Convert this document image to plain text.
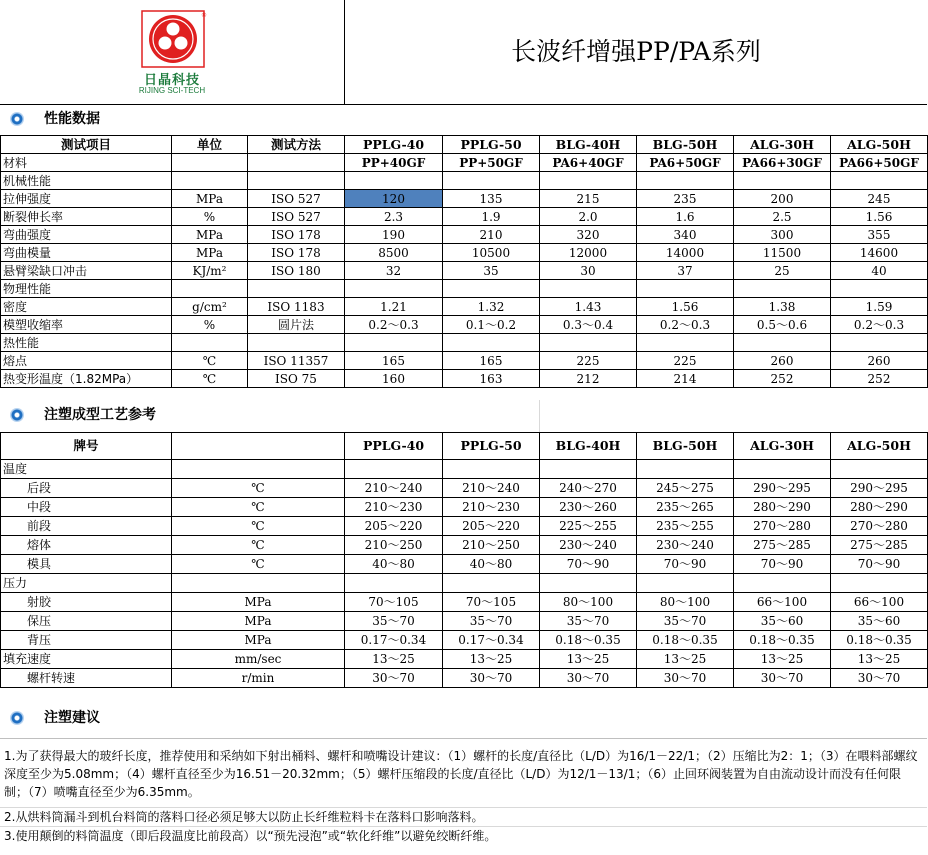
®
日晶科技
RIJING SCI-TECH
长波纤增强PP/PA系列
性能数据
测试项目	单位	测试方法	PPLG-40	PPLG-50	BLG-40H	BLG-50H	ALG-30H	ALG-50H
材料			PP+40GF	PP+50GF	PA6+40GF	PA6+50GF	PA66+30GF	PA66+50GF
机械性能								
拉伸强度	MPa	ISO 527	120	135	215	235	200	245
断裂伸长率	%	ISO 527	2.3	1.9	2.0	1.6	2.5	1.56
弯曲强度	MPa	ISO 178	190	210	320	340	300	355
弯曲模量	MPa	ISO 178	8500	10500	12000	14000	11500	14600
悬臂梁缺口冲击	KJ/m²	ISO 180	32	35	30	37	25	40
物理性能								
密度	g/cm²	ISO 1183	1.21	1.32	1.43	1.56	1.38	1.59
模塑收缩率	%	圆片法	0.2～0.3	0.1～0.2	0.3～0.4	0.2～0.3	0.5～0.6	0.2～0.3
热性能								
熔点	℃	ISO 11357	165	165	225	225	260	260
热变形温度（1.82MPa）	℃	ISO 75	160	163	212	214	252	252
注塑成型工艺参考
牌号		PPLG-40	PPLG-50	BLG-40H	BLG-50H	ALG-30H	ALG-50H
温度							
后段	℃	210～240	210～240	240～270	245～275	290～295	290～295
中段	℃	210～230	210～230	230～260	235～265	280～290	280～290
前段	℃	205～220	205～220	225～255	235～255	270～280	270～280
熔体	℃	210～250	210～250	230～240	230～240	275～285	275～285
模具	℃	40～80	40～80	70～90	70～90	70～90	70～90
压力							
射胶	MPa	70～105	70～105	80～100	80～100	66～100	66～100
保压	MPa	35～70	35～70	35～70	35～70	35～60	35～60
背压	MPa	0.17～0.34	0.17～0.34	0.18～0.35	0.18～0.35	0.18～0.35	0.18～0.35
填充速度	mm/sec	13～25	13～25	13～25	13～25	13～25	13～25
螺杆转速	r/min	30～70	30～70	30～70	30～70	30～70	30～70
注塑建议

1.为了获得最大的玻纤长度，推荐使用和采纳如下射出桶料、螺杆和喷嘴设计建议：（1）螺杆的长度/直径比（L/D）为16/1－22/1；（2）压缩比为2：1；（3）在喂料部螺纹深度至少为5.08mm；（4）螺杆直径至少为16.51－20.32mm；（5）螺杆压缩段的长度/直径比（L/D）为12/1－13/1；（6）止回环阀装置为自由流动设计而没有任何限制；（7）喷嘴直径至少为6.35mm。

2.从烘料筒漏斗到机台料筒的落料口径必须足够大以防止长纤维粒料卡在落料口影响落料。

3.使用颠倒的料筒温度（即后段温度比前段高）以“预先浸泡”或“软化纤维”以避免绞断纤维。
